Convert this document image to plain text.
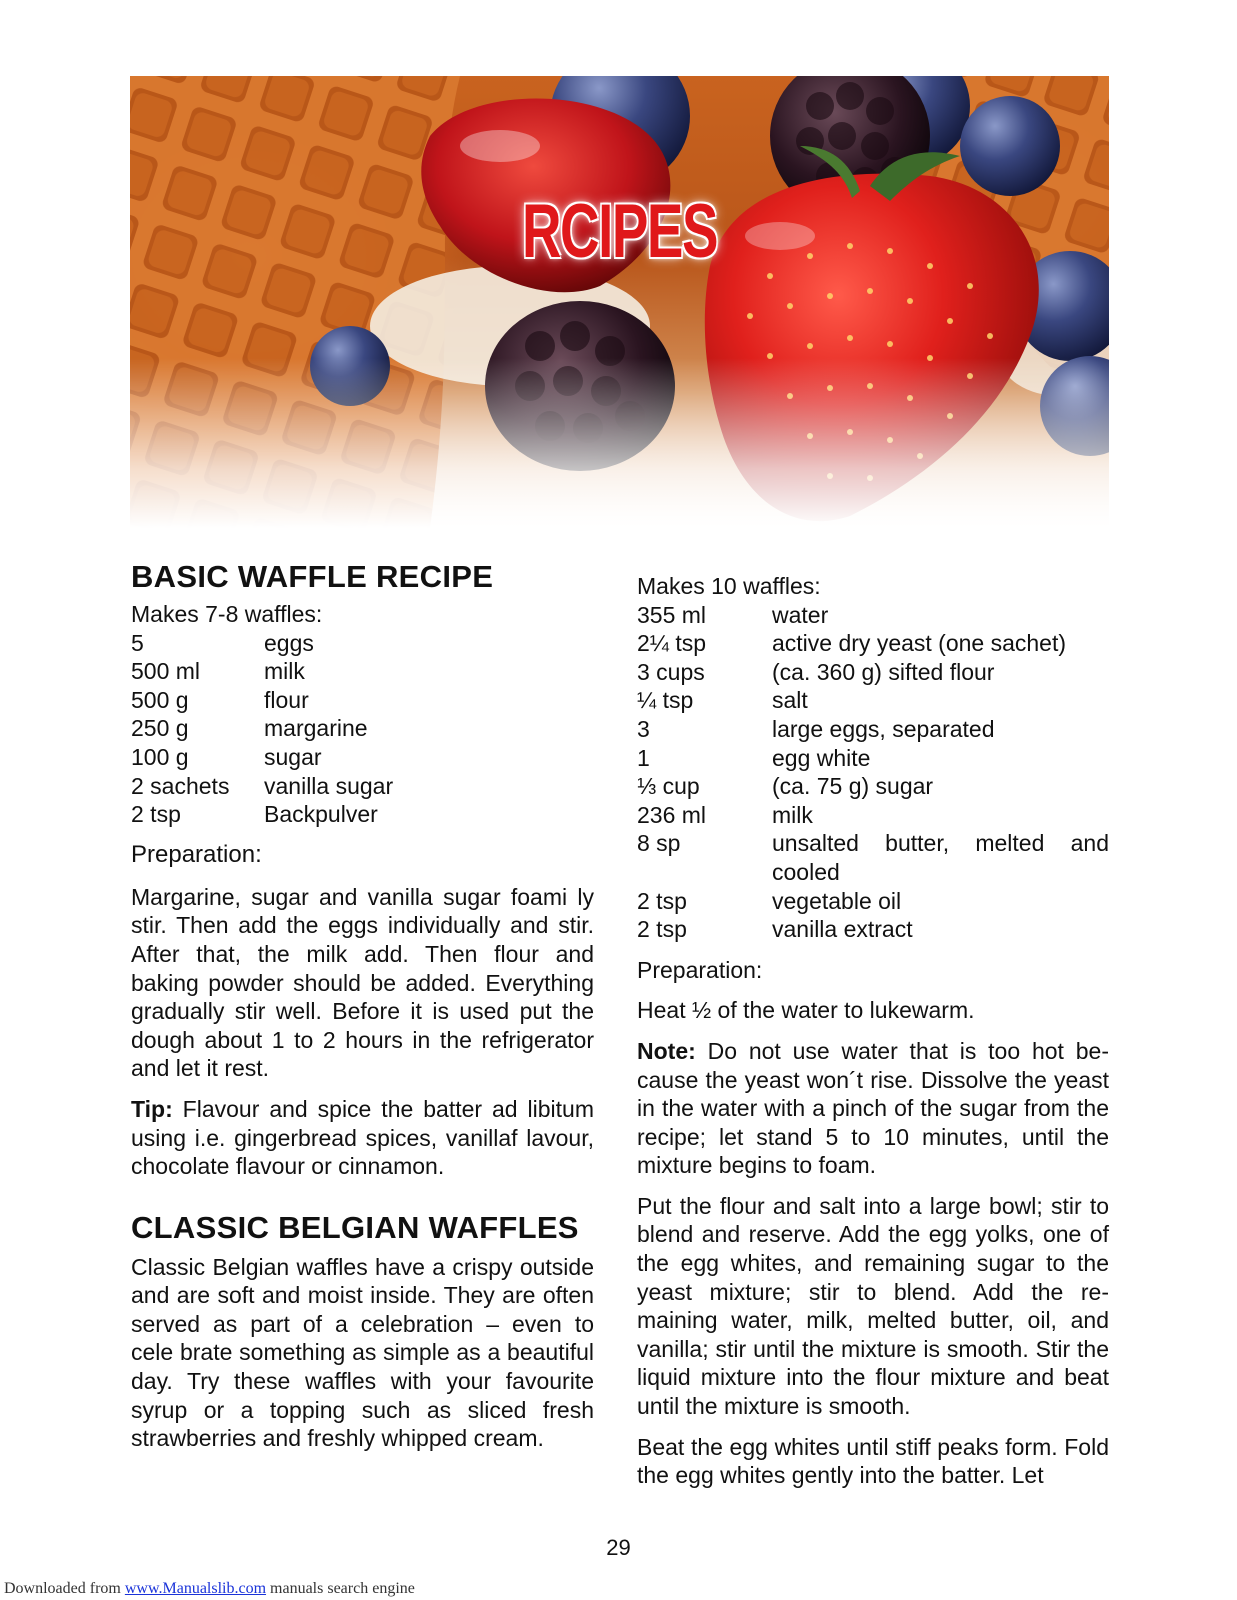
RCIPES
BASIC WAFFLE RECIPE
Makes 7-8 waffles:
5	eggs
500 ml	milk
500 g	flour
250 g	margarine
100 g	sugar
2 sachets	vanilla sugar
2 tsp	Backpulver
Preparation:

Margarine, sugar and vanilla sugar foami ly stir. Then add the eggs individually and stir. After that, the milk add. Then flour and baking powder should be added. Everything gradually stir well. Before it is used put the dough about 1 to 2 hours in the refrigerator and let it rest.

Tip: Flavour and spice the batter ad libitum using i.e. gingerbread spices, vanillaf lavour, chocolate flavour or cinnamon.

CLASSIC BELGIAN WAFFLES

Classic Belgian waffles have a crispy outside and are soft and moist inside. They are often served as part of a celebration – even to cele brate something as simple as a beautiful day. Try these waffles with your favourite syrup or a topping such as sliced fresh strawberries and freshly whipped cream.

Makes 10 waffles:
355 ml	water
2¼ tsp	active dry yeast (one sachet)
3 cups	(ca. 360 g) sifted flour
¼ tsp	salt
3	large eggs, separated
1	egg white
⅓ cup	(ca. 75 g) sugar
236 ml	milk
8 sp	unsalted butter, melted and cooled
2 tsp	vegetable oil
2 tsp	vanilla extract
Preparation:

Heat ½ of the water to lukewarm.

Note: Do not use water that is too hot be cause the yeast won´t rise. Dissolve the yeast in the water with a pinch of the sugar from the recipe; let stand 5 to 10 minutes, until the mixture begins to foam.

Put the flour and salt into a large bowl; stir to blend and reserve. Add the egg yolks, one of the egg whites, and remaining sugar to the yeast mixture; stir to blend. Add the re maining water, milk, melted butter, oil, and vanilla; stir until the mixture is smooth. Stir the liquid mixture into the flour mixture and beat until the mixture is smooth.

Beat the egg whites until stiff peaks form. Fold the egg whites gently into the batter. Let

29
Downloaded from www.Manualslib.com manuals search engine
